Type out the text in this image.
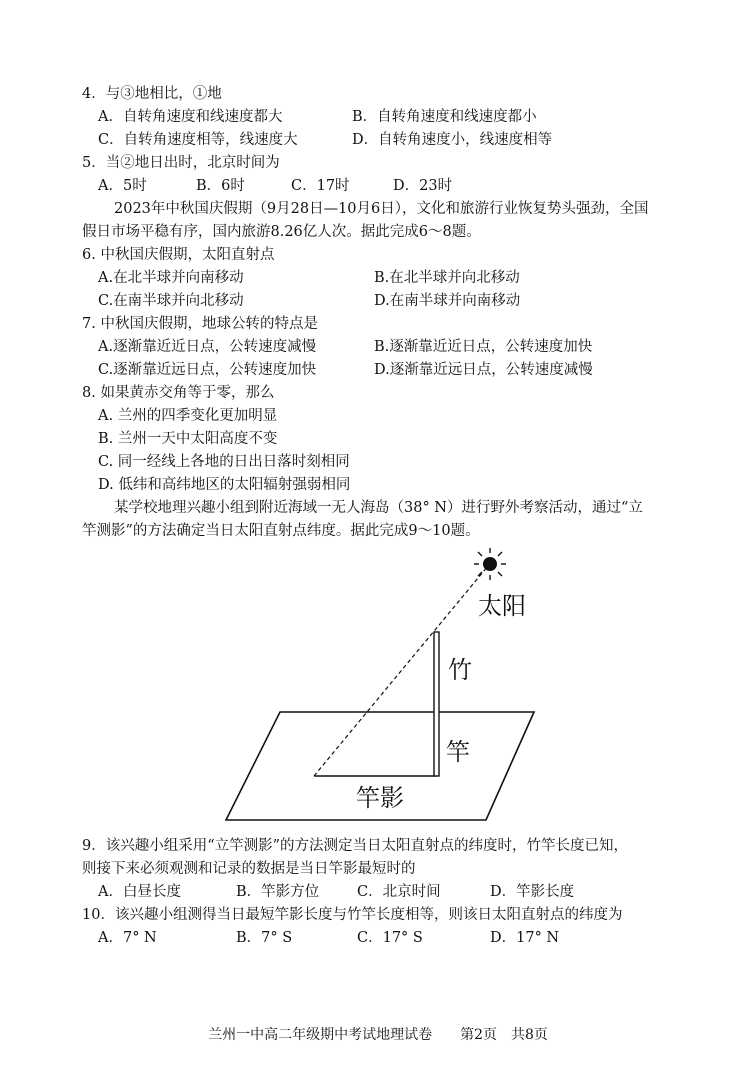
4．与③地相比，①地
A．自转角速度和线速度都大	B．自转角速度和线速度都小
C．自转角速度相等，线速度大	D．自转角速度小，线速度相等
5．当②地日出时，北京时间为
A．5时	B．6时	C．17时	D．23时
2023年中秋国庆假期（9月28日—10月6日），文化和旅游行业恢复势头强劲，全国
假日市场平稳有序，国内旅游8.26亿人次。据此完成6～8题。
6. 中秋国庆假期，太阳直射点
A.在北半球并向南移动	B.在北半球并向北移动
C.在南半球并向北移动	D.在南半球并向南移动
7. 中秋国庆假期，地球公转的特点是
A.逐渐靠近近日点，公转速度减慢	B.逐渐靠近近日点，公转速度加快
C.逐渐靠近远日点，公转速度加快	D.逐渐靠近远日点，公转速度减慢
8. 如果黄赤交角等于零，那么
A. 兰州的四季变化更加明显
B. 兰州一天中太阳高度不变
C. 同一经线上各地的日出日落时刻相同
D. 低纬和高纬地区的太阳辐射强弱相同
某学校地理兴趣小组到附近海域一无人海岛（38° N）进行野外考察活动，通过“立
竿测影”的方法确定当日太阳直射点纬度。据此完成9～10题。
太阳
竹
竿
竿影
9．该兴趣小组采用“立竿测影”的方法测定当日太阳直射点的纬度时，竹竿长度已知，
则接下来必须观测和记录的数据是当日竿影最短时的
A．白昼长度	B．竿影方位	C．北京时间	D．竿影长度
10．该兴趣小组测得当日最短竿影长度与竹竿长度相等，则该日太阳直射点的纬度为
A．7° N	B．7° S	C．17° S	D．17° N
兰州一中高二年级期中考试地理试卷　　第2页　共8页
